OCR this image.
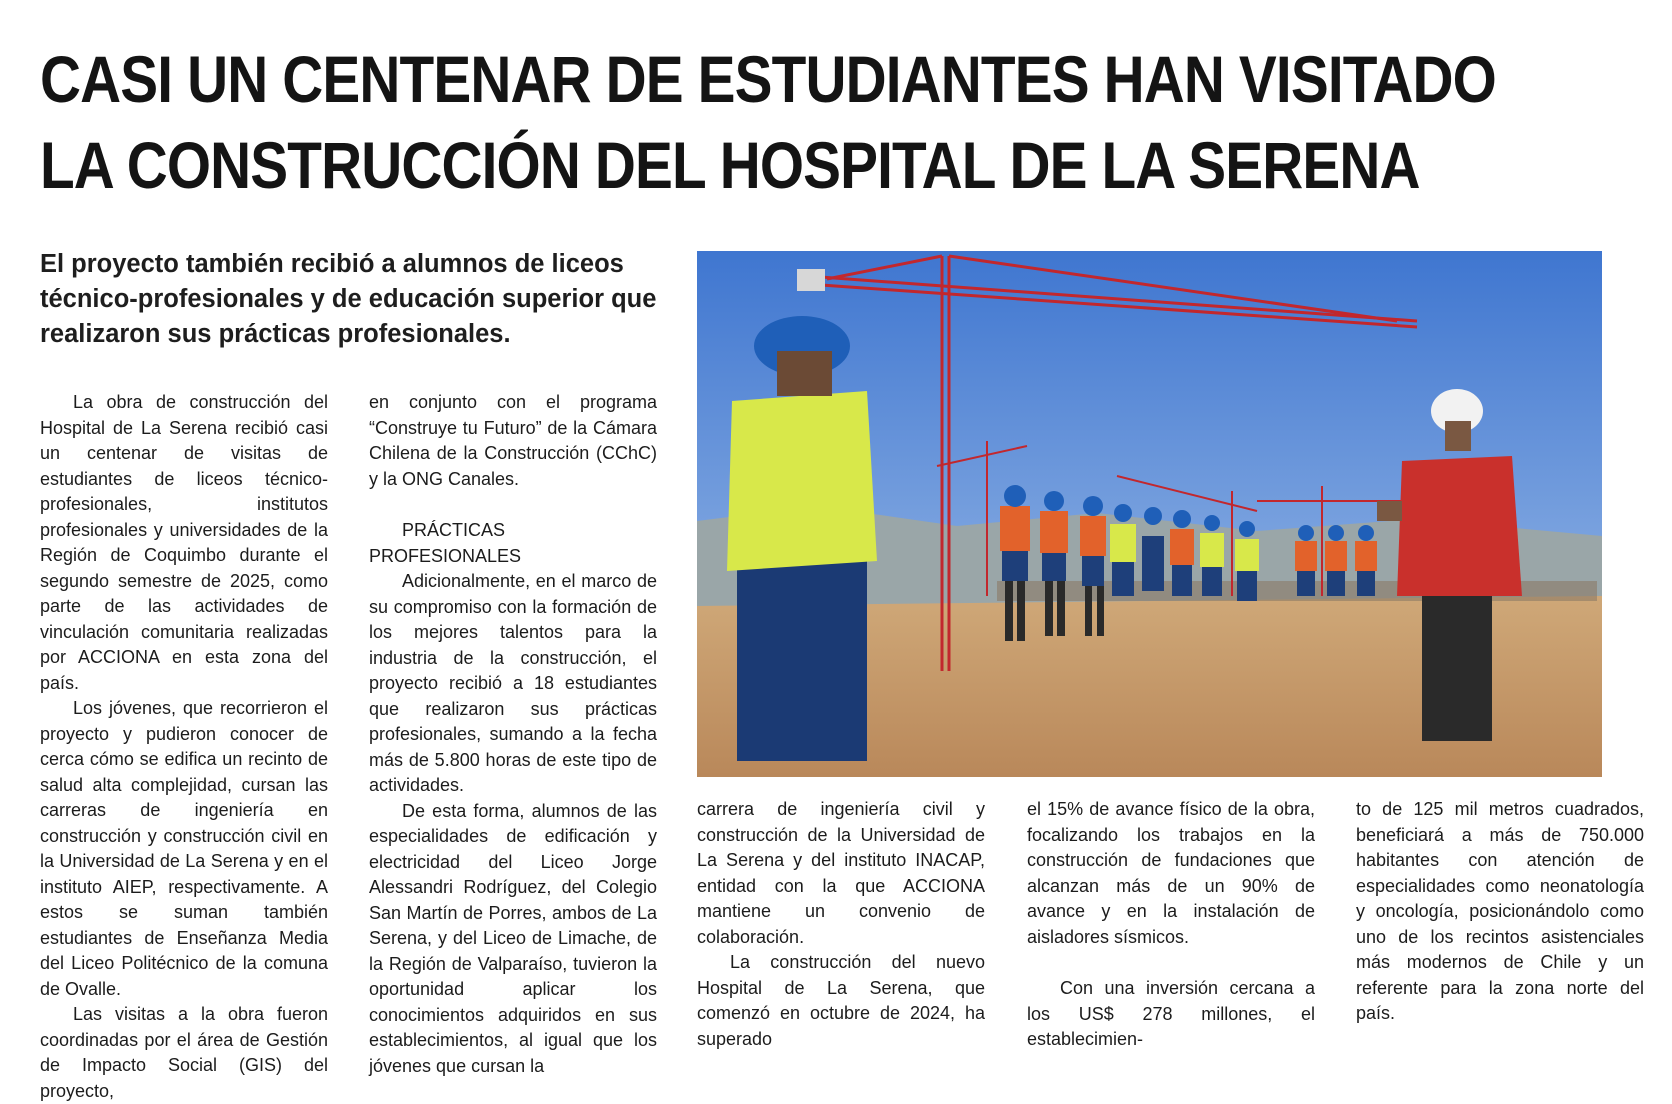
CASI UN CENTENAR DE ESTUDIANTES HAN VISITADO
LA CONSTRUCCIÓN DEL HOSPITAL DE LA SERENA
El proyecto también recibió a alumnos de liceos técnico-profesionales y de educación superior que realizaron sus prácticas profesionales.

La obra de construcción del Hospital de La Serena recibió casi un centenar de visitas de estudiantes de liceos técnico-profesionales, institutos profesionales y universidades de la Región de Coquimbo durante el segundo semestre de 2025, como parte de las actividades de vinculación comunitaria realizadas por ACCIONA en esta zona del país.

Los jóvenes, que recorrieron el proyecto y pudieron conocer de cerca cómo se edifica un recinto de salud alta complejidad, cursan las carreras de ingeniería en construcción y construcción civil en la Universidad de La Serena y en el instituto AIEP, respectivamente. A estos se suman también estudiantes de Enseñanza Media del Liceo Politécnico de la comuna de Ovalle.

Las visitas a la obra fueron coordinadas por el área de Gestión de Impacto Social (GIS) del proyecto,

en conjunto con el programa “Construye tu Futuro” de la Cámara Chilena de la Construcción (CChC) y la ONG Canales.

PRÁCTICAS PROFESIONALES

Adicionalmente, en el marco de su compromiso con la formación de los mejores talentos para la industria de la construcción, el proyecto recibió a 18 estudiantes que realizaron sus prácticas profesionales, sumando a la fecha más de 5.800 horas de este tipo de actividades.

De esta forma, alumnos de las especialidades de edificación y electricidad del Liceo Jorge Alessandri Rodríguez, del Colegio San Martín de Porres, ambos de La Serena, y del Liceo de Limache, de la Región de Valparaíso, tuvieron la oportunidad aplicar los conocimientos adquiridos en sus establecimientos, al igual que los jóvenes que cursan la

carrera de ingeniería civil y construcción de la Universidad de La Serena y del instituto INACAP, entidad con la que ACCIONA mantiene un convenio de colaboración.

La construcción del nuevo Hospital de La Serena, que comenzó en octubre de 2024, ha superado

el 15% de avance físico de la obra, focalizando los trabajos en la construcción de fundaciones que alcanzan más de un 90% de avance y en la instalación de aisladores sísmicos.

Con una inversión cercana a los US$ 278 millones, el establecimien-

to de 125 mil metros cuadrados, beneficiará a más de 750.000 habitantes con atención de especialidades como neonatología y oncología, posicionándolo como uno de los recintos asistenciales más modernos de Chile y un referente para la zona norte del país.
